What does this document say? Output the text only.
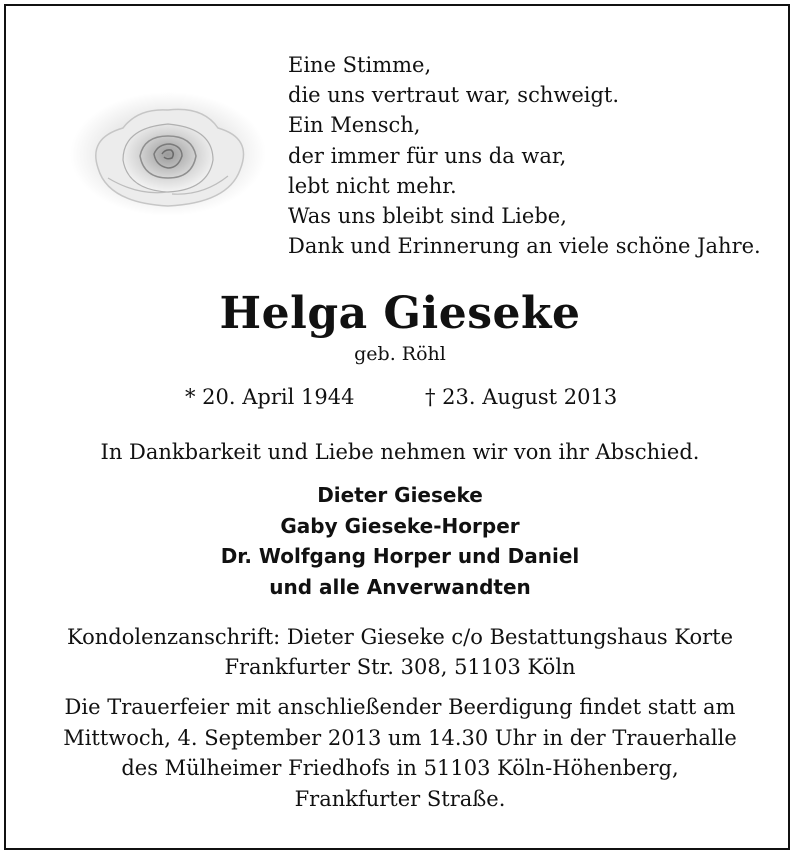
Eine Stimme,
die uns vertraut war, schweigt.
Ein Mensch,
der immer für uns da war,
lebt nicht mehr.
Was uns bleibt sind Liebe,
Dank und Erinnerung an viele schöne Jahre.
Helga Gieseke
geb. Röhl
* 20. April 1944	† 23. August 2013
In Dankbarkeit und Liebe nehmen wir von ihr Abschied.
Dieter Gieseke
Gaby Gieseke-Horper
Dr. Wolfgang Horper und Daniel
und alle Anverwandten
Kondolenzanschrift: Dieter Gieseke c/o Bestattungshaus Korte
Frankfurter Str. 308, 51103 Köln
Die Trauerfeier mit anschließender Beerdigung findet statt am
Mittwoch, 4. September 2013 um 14.30 Uhr in der Trauerhalle
des Mülheimer Friedhofs in 51103 Köln-Höhenberg,
Frankfurter Straße.
